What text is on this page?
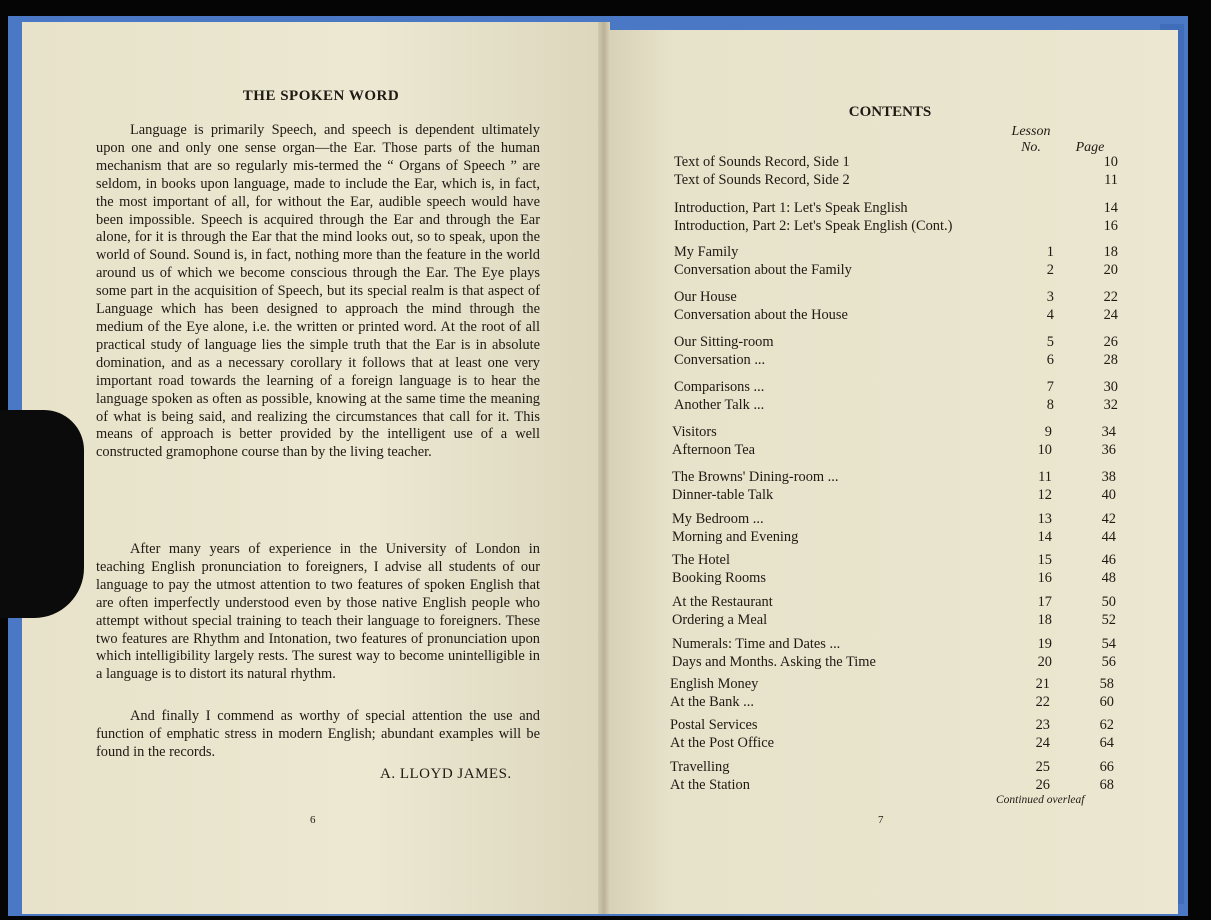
THE SPOKEN WORD
Language is primarily Speech, and speech is dependent ultimately upon one and only one sense organ—the Ear. Those parts of the human mechanism that are so regularly mis-termed the “ Organs of Speech ” are seldom, in books upon language, made to include the Ear, which is, in fact, the most important of all, for without the Ear, audible speech would have been impossible. Speech is acquired through the Ear and through the Ear alone, for it is through the Ear that the mind looks out, so to speak, upon the world of Sound. Sound is, in fact, nothing more than the feature in the world around us of which we become conscious through the Ear. The Eye plays some part in the acquisition of Speech, but its special realm is that aspect of Language which has been designed to approach the mind through the medium of the Eye alone, i.e. the written or printed word. At the root of all practical study of language lies the simple truth that the Ear is in absolute domination, and as a necessary corollary it follows that at least one very important road towards the learning of a foreign language is to hear the language spoken as often as possible, knowing at the same time the meaning of what is being said, and realizing the circumstances that call for it. This means of approach is better provided by the intelligent use of a well constructed gramophone course than by the living teacher.
After many years of experience in the University of London in teaching English pronunciation to foreigners, I advise all students of our language to pay the utmost attention to two features of spoken English that are often imperfectly understood even by those native English people who attempt without special training to teach their language to foreigners. These two features are Rhythm and Intonation, two features of pronunciation upon which intelligibility largely rests. The surest way to become unintelligible in a language is to distort its natural rhythm.
And finally I commend as worthy of special attention the use and function of emphatic stress in modern English; abundant examples will be found in the records.
A. LLOYD JAMES.
6
CONTENTS
Lesson No.	Page
Text of Sounds Record, Side 1	10
Text of Sounds Record, Side 2	11
Introduction, Part 1: Let's Speak English	14
Introduction, Part 2: Let's Speak English (Cont.)	16
My Family	1	18
Conversation about the Family	2	20
Our House	3	22
Conversation about the House	4	24
Our Sitting-room	5	26
Conversation ...	6	28
Comparisons ...	7	30
Another Talk ...	8	32
Visitors	9	34
Afternoon Tea	10	36
The Browns' Dining-room ...	11	38
Dinner-table Talk	12	40
My Bedroom ...	13	42
Morning and Evening	14	44
The Hotel	15	46
Booking Rooms	16	48
At the Restaurant	17	50
Ordering a Meal	18	52
Numerals: Time and Dates ...	19	54
Days and Months. Asking the Time	20	56
English Money	21	58
At the Bank ...	22	60
Postal Services	23	62
At the Post Office	24	64
Travelling	25	66
At the Station	26	68
Continued overleaf
7
